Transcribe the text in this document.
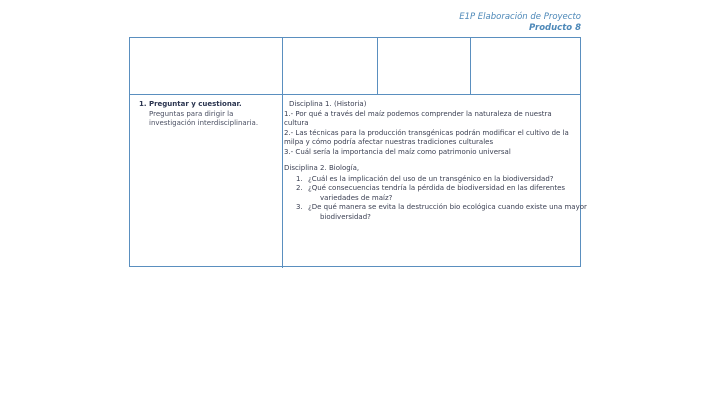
E1P Elaboración de Proyecto
Producto 8
1. Preguntar y cuestionar.
Preguntas para dirigir la
investigación interdisciplinaria.
Disciplina 1. (Historia)
1.- Por qué a través del maíz podemos comprender la naturaleza de nuestra
cultura
2.- Las técnicas para la producción transgénicas podrán modificar el cultivo de la
milpa y cómo podría afectar nuestras tradiciones culturales
3.- Cuál sería la importancia del maíz como patrimonio universal
Disciplina 2. Biología,
1. ¿Cuál es la implicación del uso de un transgénico en la biodiversidad?
2. ¿Qué consecuencias tendría la pérdida de biodiversidad en las diferentes
variedades de maíz?
3. ¿De qué manera se evita la destrucción bio ecológica cuando existe una mayor
biodiversidad?
